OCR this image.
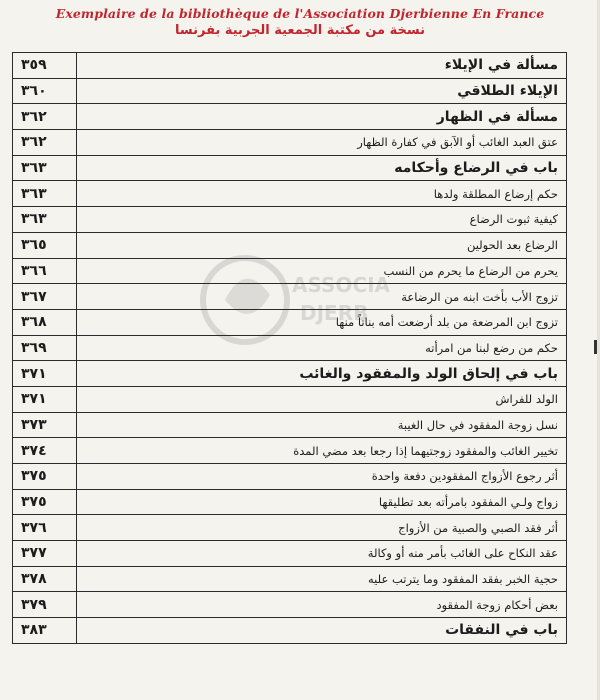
Exemplaire de la bibliothèque de l'Association Djerbienne En France
نسخة من مكتبة الجمعية الجربية بفرنسا
ASSOCIA
DJERB
٣٥٩	مسألة في الإيلاء
٣٦٠	الإيلاء الطلاقي
٣٦٢	مسألة في الظهار
٣٦٢	عتق العبد الغائب أو الآبق في كفارة الظهار
٣٦٣	باب في الرضاع وأحكامه
٣٦٣	حكم إرضاع المطلقة ولدها
٣٦٣	كيفية ثبوت الرضاع
٣٦٥	الرضاع بعد الحولين
٣٦٦	يحرم من الرضاع ما يحرم من النسب
٣٦٧	تزوج الأب بأخت ابنه من الرضاعة
٣٦٨	تزوج ابن المرضعة من بلد أرضعت أمه بناتاً منها
٣٦٩	حكم من رضع لبنا من امرأته
٣٧١	باب في إلحاق الولد والمفقود والغائب
٣٧١	الولد للفراش
٣٧٣	نسل زوجة المفقود في حال الغيبة
٣٧٤	تخيير الغائب والمفقود زوجتيهما إذا رجعا بعد مضي المدة
٣٧٥	أثر رجوع الأزواج المفقودين دفعة واحدة
٣٧٥	زواج ولـي المفقود بامرأته بعد تطليقها
٣٧٦	أثر فقد الصبي والصبية من الأزواج
٣٧٧	عقد النكاح على الغائب بأمر منه أو وكالة
٣٧٨	حجية الخبر بفقد المفقود وما يترتب عليه
٣٧٩	بعض أحكام زوجة المفقود
٣٨٣	باب في النفقات
